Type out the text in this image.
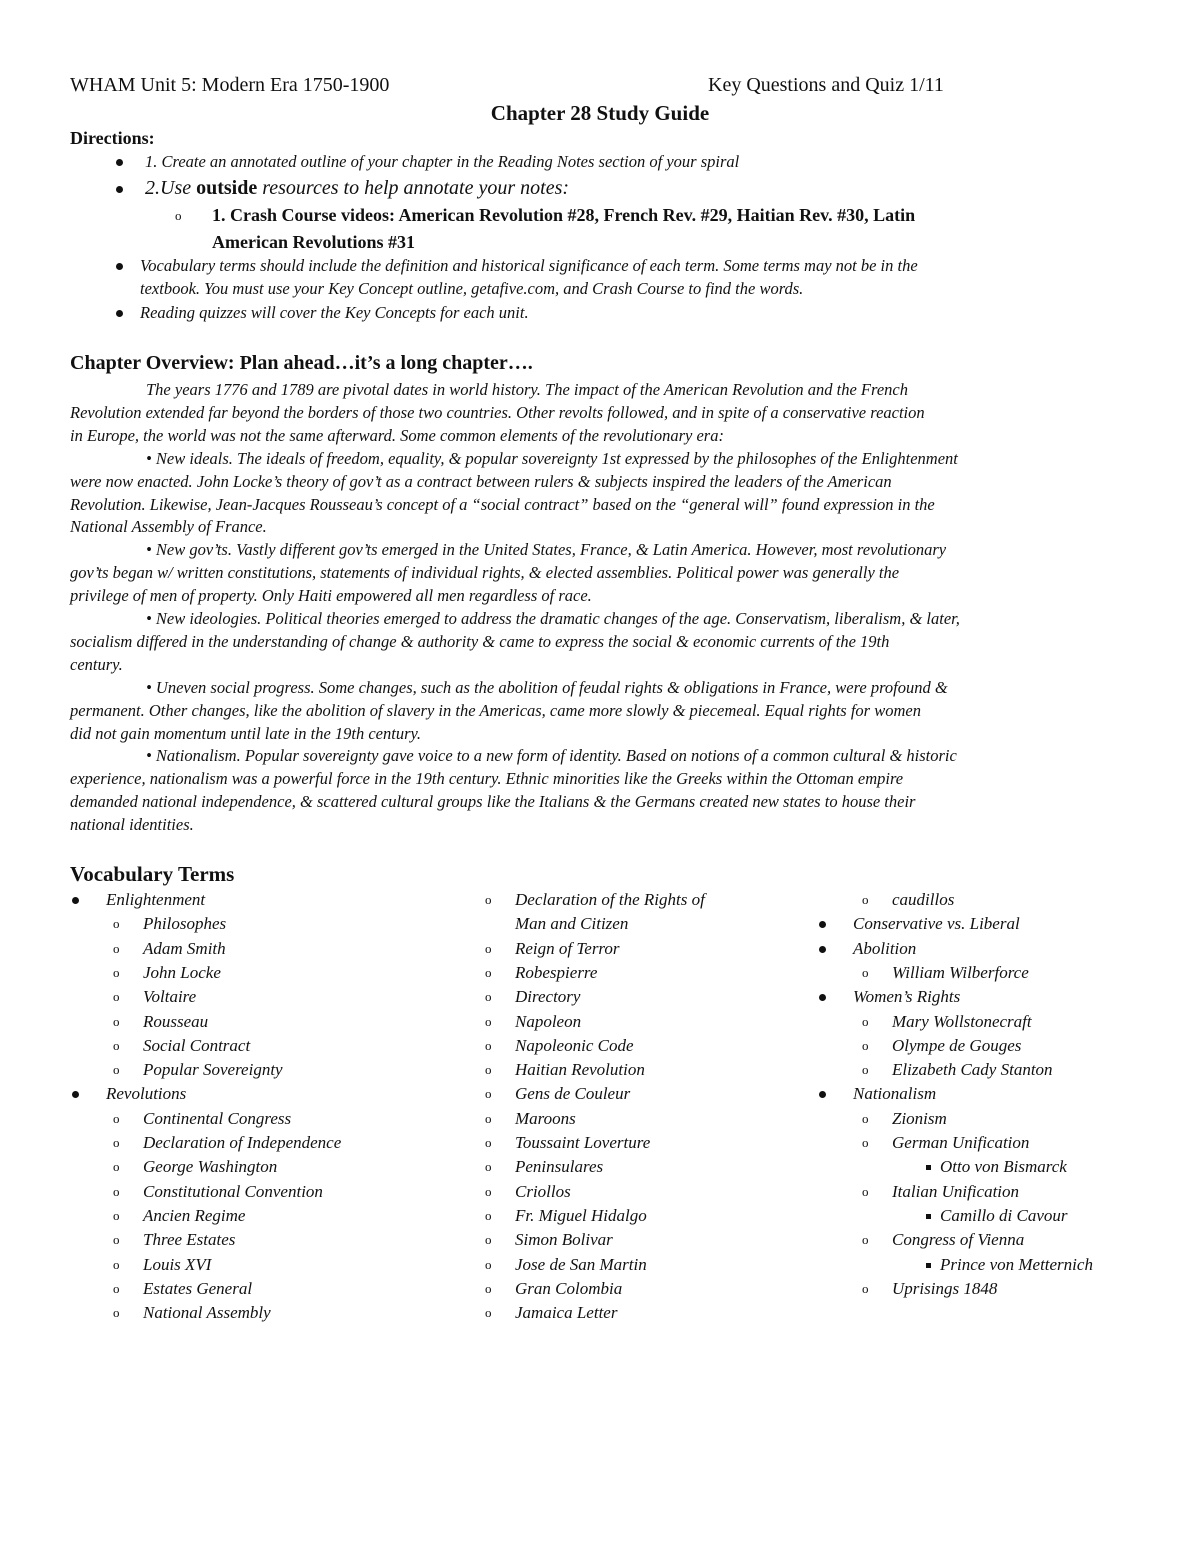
WHAM Unit 5: Modern Era 1750-1900	Key Questions and Quiz 1/11
Chapter 28 Study Guide
Directions:
1. Create an annotated outline of your chapter in the Reading Notes section of your spiral
2.Use outside resources to help annotate your notes:
o 1. Crash Course videos: American Revolution #28, French Rev. #29, Haitian Rev. #30, Latin
American Revolutions #31
Vocabulary terms should include the definition and historical significance of each term. Some terms may not be in the
textbook. You must use your Key Concept outline, getafive.com, and Crash Course to find the words.
Reading quizzes will cover the Key Concepts for each unit.
Chapter Overview: Plan ahead…it’s a long chapter….
The years 1776 and 1789 are pivotal dates in world history. The impact of the American Revolution and the French
Revolution extended far beyond the borders of those two countries. Other revolts followed, and in spite of a conservative reaction
in Europe, the world was not the same afterward. Some common elements of the revolutionary era:
• New ideals. The ideals of freedom, equality, & popular sovereignty 1st expressed by the philosophes of the Enlightenment
were now enacted. John Locke’s theory of gov’t as a contract between rulers & subjects inspired the leaders of the American
Revolution. Likewise, Jean-Jacques Rousseau’s concept of a “social contract” based on the “general will” found expression in the
National Assembly of France.
• New gov’ts. Vastly different gov’ts emerged in the United States, France, & Latin America. However, most revolutionary
gov’ts began w/ written constitutions, statements of individual rights, & elected assemblies. Political power was generally the
privilege of men of property. Only Haiti empowered all men regardless of race.
• New ideologies. Political theories emerged to address the dramatic changes of the age. Conservatism, liberalism, & later,
socialism differed in the understanding of change & authority & came to express the social & economic currents of the 19th
century.
• Uneven social progress. Some changes, such as the abolition of feudal rights & obligations in France, were profound &
permanent. Other changes, like the abolition of slavery in the Americas, came more slowly & piecemeal. Equal rights for women
did not gain momentum until late in the 19th century.
• Nationalism. Popular sovereignty gave voice to a new form of identity. Based on notions of a common cultural & historic
experience, nationalism was a powerful force in the 19th century. Ethnic minorities like the Greeks within the Ottoman empire
demanded national independence, & scattered cultural groups like the Italians & the Germans created new states to house their
national identities.
Vocabulary Terms
Enlightenment
o Philosophes
o Adam Smith
o John Locke
o Voltaire
o Rousseau
o Social Contract
o Popular Sovereignty
Revolutions
o Continental Congress
o Declaration of Independence
o George Washington
o Constitutional Convention
o Ancien Regime
o Three Estates
o Louis XVI
o Estates General
o National Assembly
o Declaration of the Rights of
Man and Citizen
o Reign of Terror
o Robespierre
o Directory
o Napoleon
o Napoleonic Code
o Haitian Revolution
o Gens de Couleur
o Maroons
o Toussaint Loverture
o Peninsulares
o Criollos
o Fr. Miguel Hidalgo
o Simon Bolivar
o Jose de San Martin
o Gran Colombia
o Jamaica Letter
o caudillos
Conservative vs. Liberal
Abolition
o William Wilberforce
Women’s Rights
o Mary Wollstonecraft
o Olympe de Gouges
o Elizabeth Cady Stanton
Nationalism
o Zionism
o German Unification
Otto von Bismarck
o Italian Unification
Camillo di Cavour
o Congress of Vienna
Prince von Metternich
o Uprisings 1848
